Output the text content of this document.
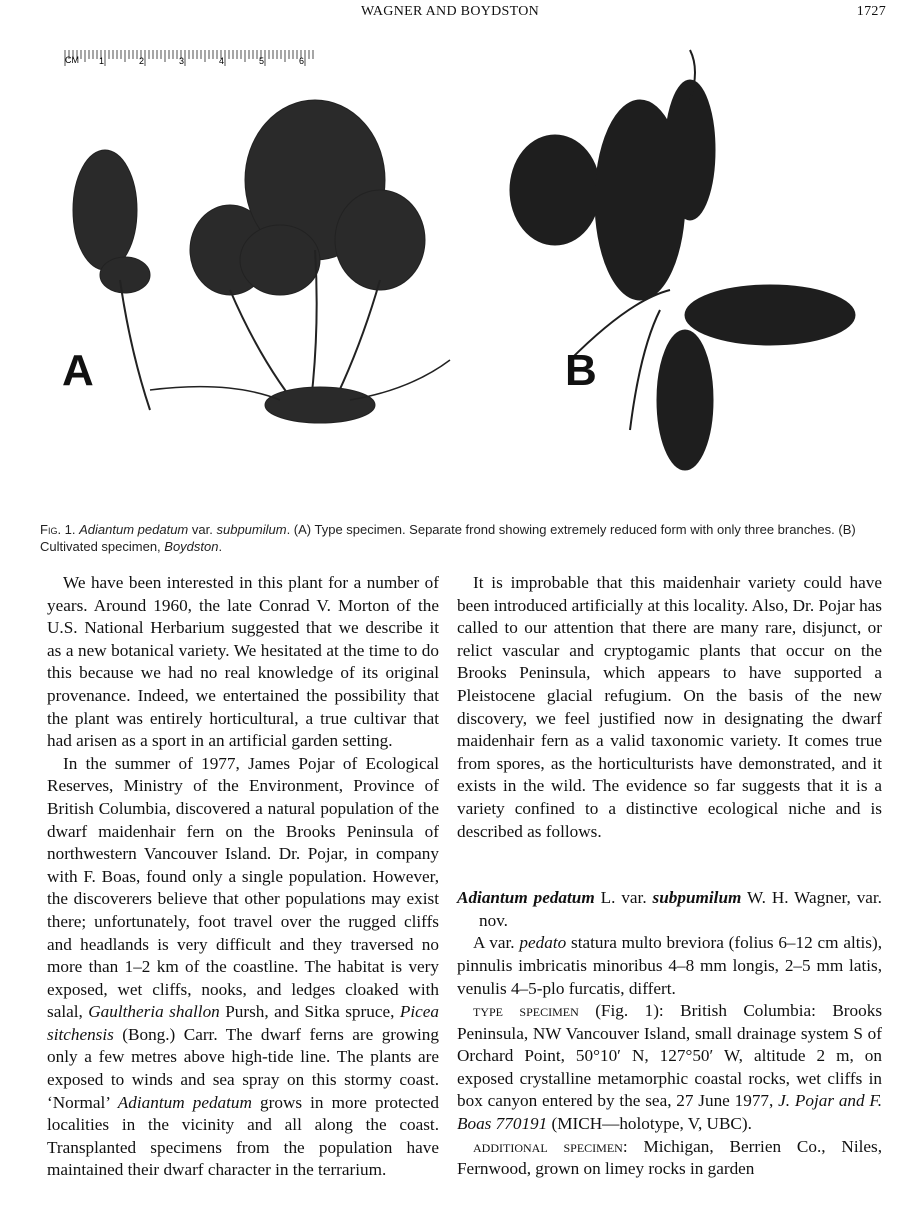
WAGNER AND BOYDSTON	1727
CM 1	2	3	4	5	6
A	B
Fig. 1. Adiantum pedatum var. subpumilum. (A) Type specimen. Separate frond showing extremely reduced form with only three branches. (B) Cultivated specimen, Boydston.

We have been interested in this plant for a number of years. Around 1960, the late Conrad V. Morton of the U.S. National Herbarium suggested that we describe it as a new botanical variety. We hesitated at the time to do this because we had no real knowledge of its original provenance. Indeed, we entertained the possibility that the plant was entirely horticultural, a true cultivar that had arisen as a sport in an artificial garden setting.

In the summer of 1977, James Pojar of Ecological Reserves, Ministry of the Environment, Province of British Columbia, discovered a natural population of the dwarf maidenhair fern on the Brooks Peninsula of northwestern Vancouver Island. Dr. Pojar, in company with F. Boas, found only a single population. However, the discoverers believe that other populations may exist there; unfortunately, foot travel over the rugged cliffs and headlands is very difficult and they traversed no more than 1–2 km of the coastline. The habitat is very exposed, wet cliffs, nooks, and ledges cloaked with salal, Gaultheria shallon Pursh, and Sitka spruce, Picea sitchensis (Bong.) Carr. The dwarf ferns are growing only a few metres above high-tide line. The plants are exposed to winds and sea spray on this stormy coast. ‘Normal’ Adiantum pedatum grows in more protected localities in the vicinity and all along the coast. Transplanted specimens from the population have maintained their dwarf character in the terrarium.

It is improbable that this maidenhair variety could have been introduced artificially at this locality. Also, Dr. Pojar has called to our attention that there are many rare, disjunct, or relict vascular and cryptogamic plants that occur on the Brooks Peninsula, which appears to have supported a Pleistocene glacial refugium. On the basis of the new discovery, we feel justified now in designating the dwarf maidenhair fern as a valid taxonomic variety. It comes true from spores, as the horticulturists have demonstrated, and it exists in the wild. The evidence so far suggests that it is a variety confined to a distinctive ecological niche and is described as follows.

Adiantum pedatum L. var. subpumilum W. H. Wagner, var. nov.

A var. pedato statura multo breviora (folius 6–12 cm altis), pinnulis imbricatis minoribus 4–8 mm longis, 2–5 mm latis, venulis 4–5-plo furcatis, differt.

type specimen (Fig. 1): British Columbia: Brooks Peninsula, NW Vancouver Island, small drainage system S of Orchard Point, 50°10′ N, 127°50′ W, altitude 2 m, on exposed crystalline metamorphic coastal rocks, wet cliffs in box canyon entered by the sea, 27 June 1977, J. Pojar and F. Boas 770191 (MICH—holotype, V, UBC).

additional specimen: Michigan, Berrien Co., Niles, Fernwood, grown on limey rocks in garden
